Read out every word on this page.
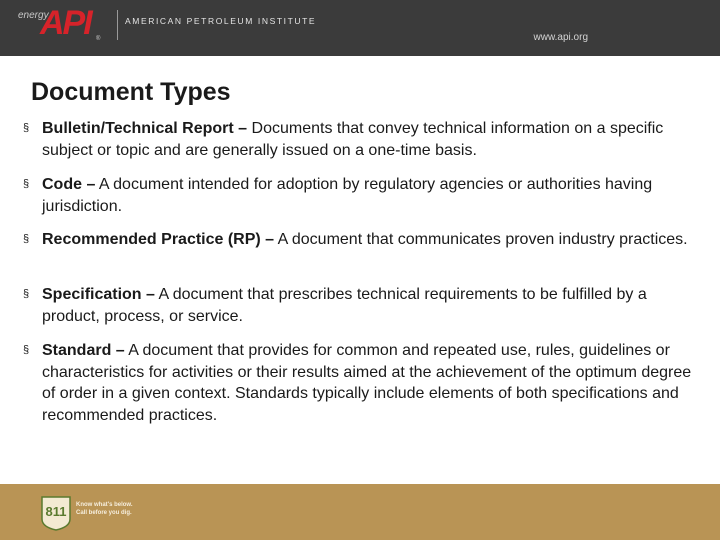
energy
API ®
AMERICAN PETROLEUM INSTITUTE
www.api.org
Document Types
§ Bulletin/Technical Report – Documents that convey technical information on a specific subject or topic and are generally issued on a one-time basis.
§ Code – A document intended for adoption by regulatory agencies or authorities having jurisdiction.
§ Recommended Practice (RP) – A document that communicates proven industry practices.
§ Specification – A document that prescribes technical requirements to be fulfilled by a product, process, or service.
§ Standard – A document that provides for common and repeated use, rules, guidelines or characteristics for activities or their results aimed at the achievement of the optimum degree of order in a given context. Standards typically include elements of both specifications and recommended practices.
811 Know what's below.
Call before you dig.
